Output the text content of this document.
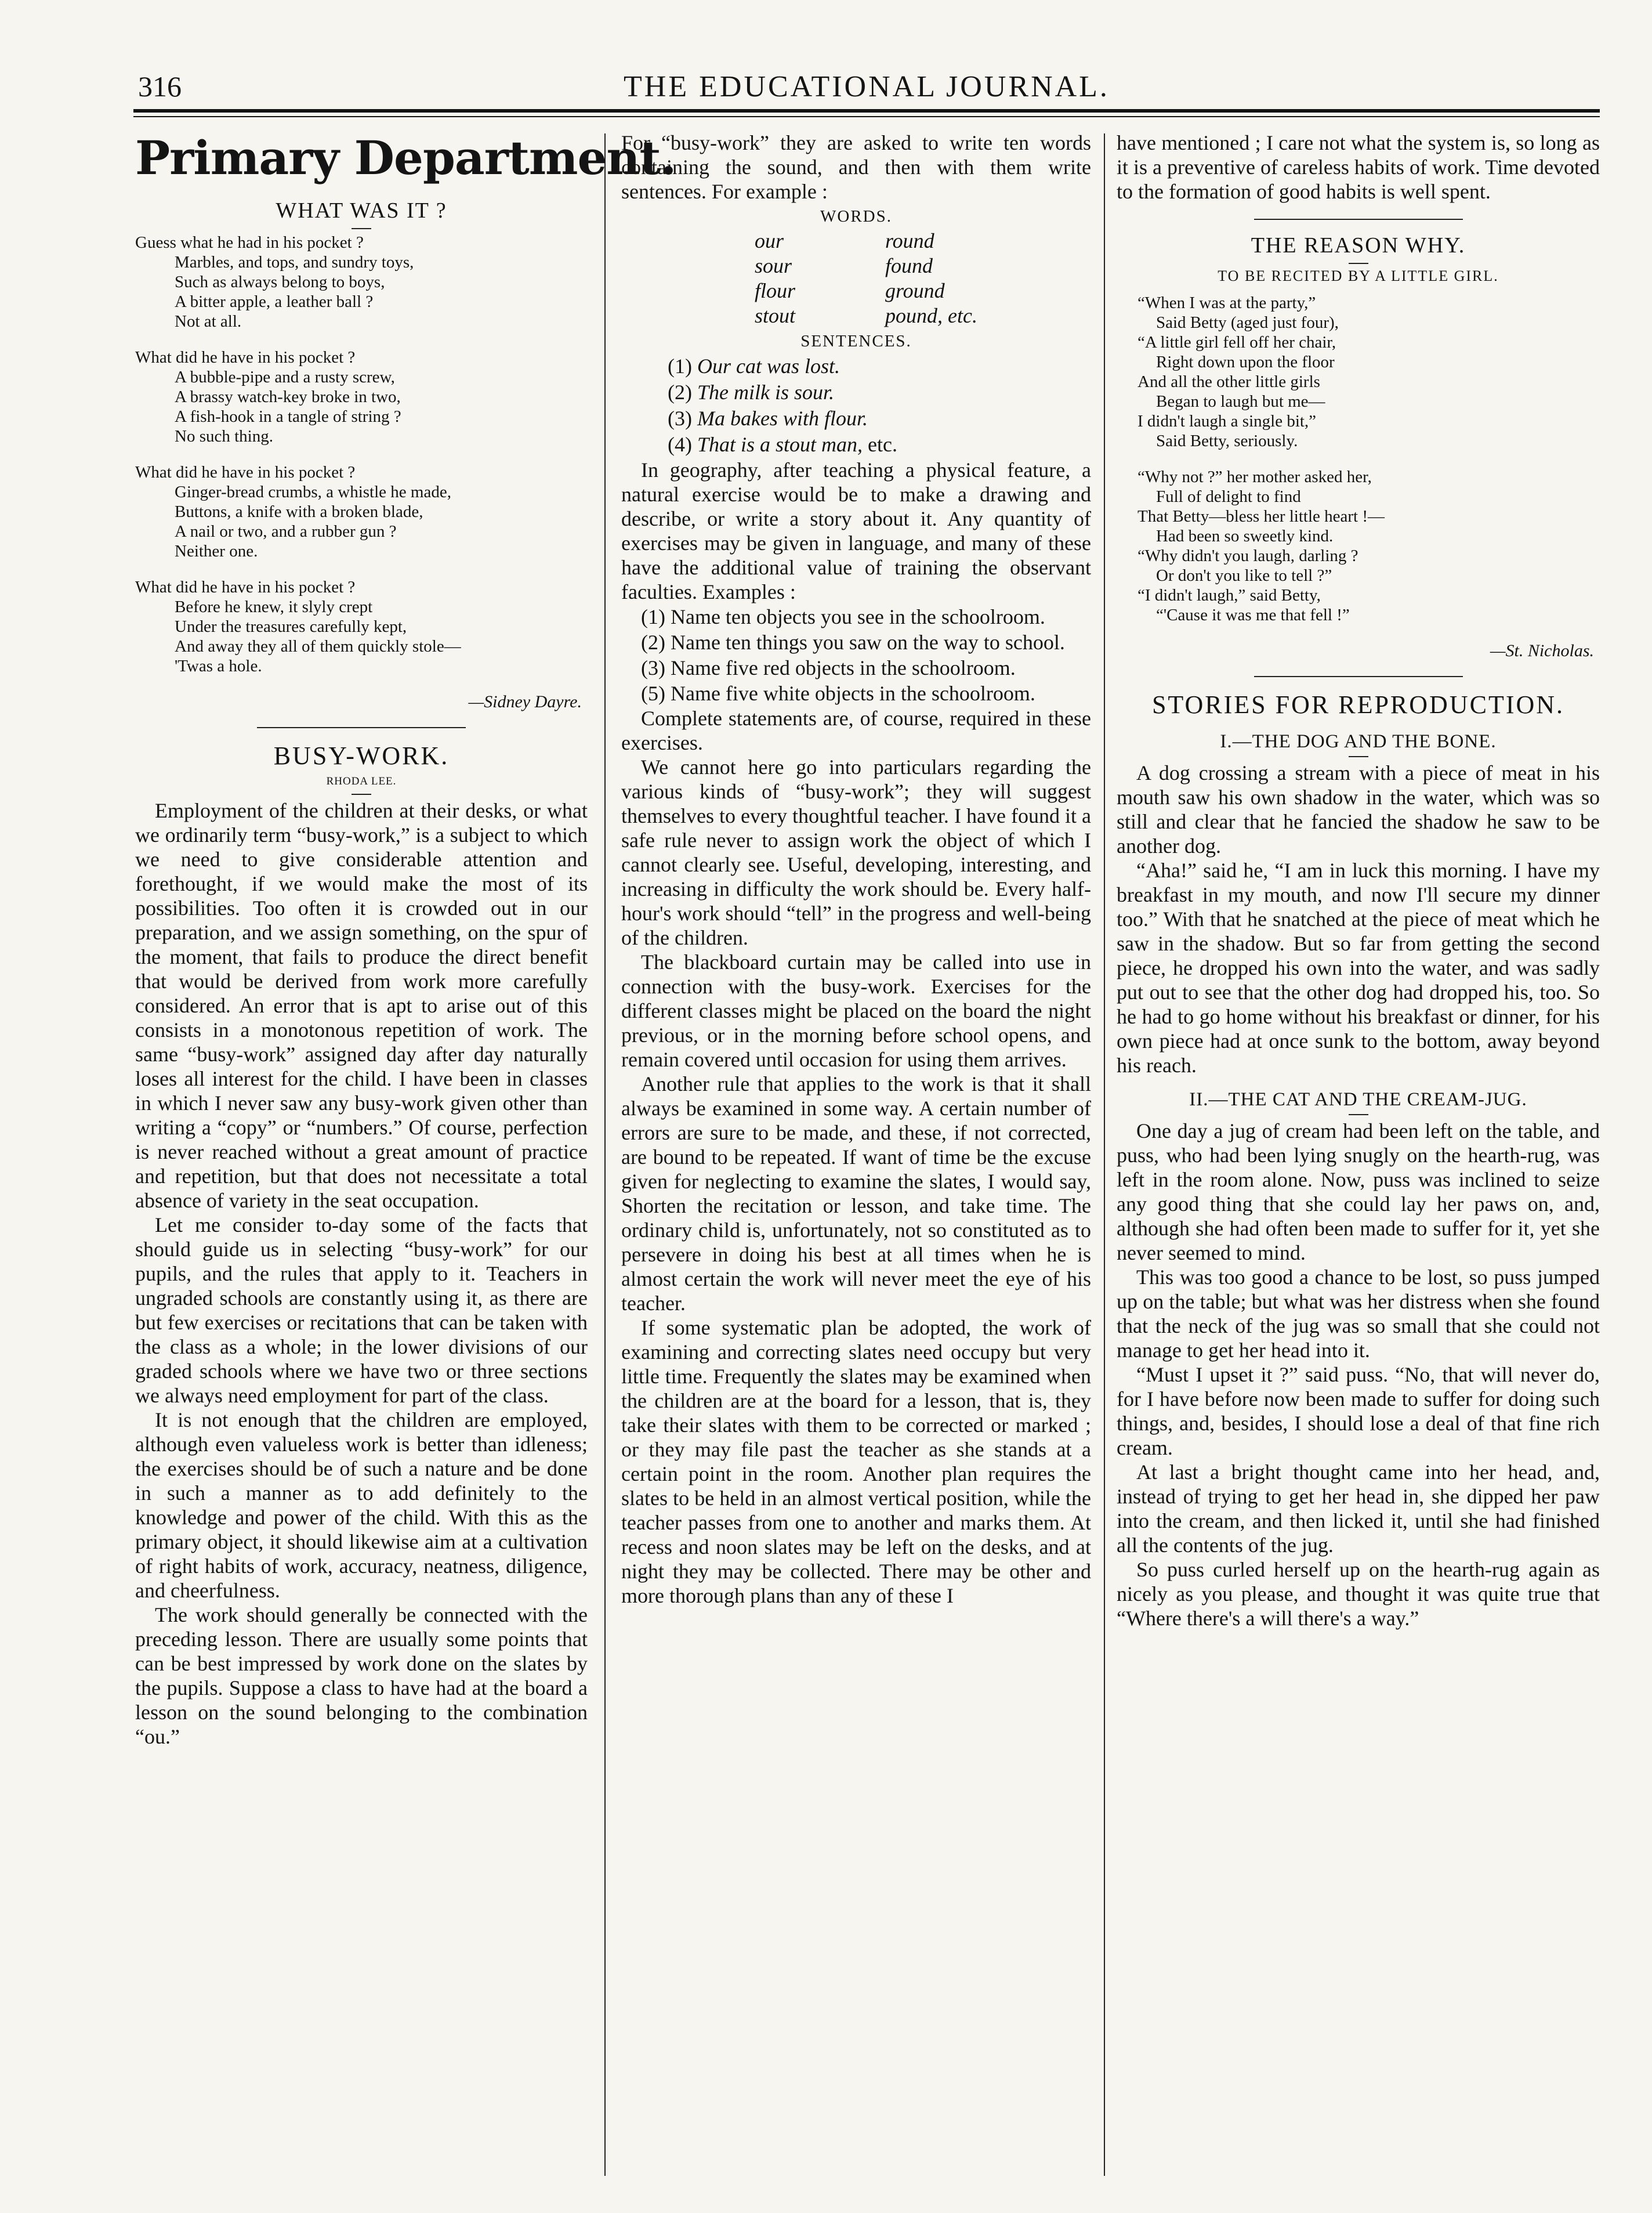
316	THE EDUCATIONAL JOURNAL.
Primary Department.
WHAT WAS IT ?
Guess what he had in his pocket ?
Marbles, and tops, and sundry toys,
Such as always belong to boys,
A bitter apple, a leather ball ?
Not at all.
What did he have in his pocket ?
A bubble-pipe and a rusty screw,
A brassy watch-key broke in two,
A fish-hook in a tangle of string ?
No such thing.
What did he have in his pocket ?
Ginger-bread crumbs, a whistle he made,
Buttons, a knife with a broken blade,
A nail or two, and a rubber gun ?
Neither one.
What did he have in his pocket ?
Before he knew, it slyly crept
Under the treasures carefully kept,
And away they all of them quickly stole—
'Twas a hole.
—Sidney Dayre.
BUSY-WORK.
RHODA LEE.

Employment of the children at their desks, or what we ordinarily term “busy-work,” is a subject to which we need to give considerable attention and forethought, if we would make the most of its possibilities. Too often it is crowded out in our preparation, and we assign something, on the spur of the moment, that fails to produce the direct benefit that would be derived from work more carefully considered. An error that is apt to arise out of this consists in a monotonous repetition of work. The same “busy-work” assigned day after day naturally loses all interest for the child. I have been in classes in which I never saw any busy-work given other than writing a “copy” or “numbers.” Of course, perfection is never reached without a great amount of practice and repetition, but that does not necessitate a total absence of variety in the seat occupation.

Let me consider to-day some of the facts that should guide us in selecting “busy-work” for our pupils, and the rules that apply to it. Teachers in ungraded schools are constantly using it, as there are but few exercises or recitations that can be taken with the class as a whole; in the lower divisions of our graded schools where we have two or three sections we always need employment for part of the class.

It is not enough that the children are employed, although even valueless work is better than idleness; the exercises should be of such a nature and be done in such a manner as to add definitely to the knowledge and power of the child. With this as the primary object, it should likewise aim at a cultivation of right habits of work, accuracy, neatness, diligence, and cheerfulness.

The work should generally be connected with the preceding lesson. There are usually some points that can be best impressed by work done on the slates by the pupils. Suppose a class to have had at the board a lesson on the sound belonging to the combination “ou.”

For “busy-work” they are asked to write ten words containing the sound, and then with them write sentences. For example :

WORDS.
our	round
sour	found
flour	ground
stout	pound, etc.
SENTENCES.
(1) Our cat was lost.
(2) The milk is sour.
(3) Ma bakes with flour.
(4) That is a stout man, etc.

In geography, after teaching a physical feature, a natural exercise would be to make a drawing and describe, or write a story about it. Any quantity of exercises may be given in language, and many of these have the additional value of training the observant faculties. Examples :

(1) Name ten objects you see in the schoolroom.

(2) Name ten things you saw on the way to school.

(3) Name five red objects in the schoolroom.

(5) Name five white objects in the schoolroom.

Complete statements are, of course, required in these exercises.

We cannot here go into particulars regarding the various kinds of “busy-work”; they will suggest themselves to every thoughtful teacher. I have found it a safe rule never to assign work the object of which I cannot clearly see. Useful, developing, interesting, and increasing in difficulty the work should be. Every half-hour's work should “tell” in the progress and well-being of the children.

The blackboard curtain may be called into use in connection with the busy-work. Exercises for the different classes might be placed on the board the night previous, or in the morning before school opens, and remain covered until occasion for using them arrives.

Another rule that applies to the work is that it shall always be examined in some way. A certain number of errors are sure to be made, and these, if not corrected, are bound to be repeated. If want of time be the excuse given for neglecting to examine the slates, I would say, Shorten the recitation or lesson, and take time. The ordinary child is, unfortunately, not so constituted as to persevere in doing his best at all times when he is almost certain the work will never meet the eye of his teacher.

If some systematic plan be adopted, the work of examining and correcting slates need occupy but very little time. Frequently the slates may be examined when the children are at the board for a lesson, that is, they take their slates with them to be corrected or marked ; or they may file past the teacher as she stands at a certain point in the room. Another plan requires the slates to be held in an almost vertical position, while the teacher passes from one to another and marks them. At recess and noon slates may be left on the desks, and at night they may be collected. There may be other and more thorough plans than any of these I

have mentioned ; I care not what the system is, so long as it is a preventive of careless habits of work. Time devoted to the formation of good habits is well spent.

THE REASON WHY.
TO BE RECITED BY A LITTLE GIRL.
“When I was at the party,”
Said Betty (aged just four),
“A little girl fell off her chair,
Right down upon the floor
And all the other little girls
Began to laugh but me—
I didn't laugh a single bit,”
Said Betty, seriously.
“Why not ?” her mother asked her,
Full of delight to find
That Betty—bless her little heart !—
Had been so sweetly kind.
“Why didn't you laugh, darling ?
Or don't you like to tell ?”
“I didn't laugh,” said Betty,
“'Cause it was me that fell !”
—St. Nicholas.
STORIES FOR REPRODUCTION.
I.—THE DOG AND THE BONE.

A dog crossing a stream with a piece of meat in his mouth saw his own shadow in the water, which was so still and clear that he fancied the shadow he saw to be another dog.

“Aha!” said he, “I am in luck this morning. I have my breakfast in my mouth, and now I'll secure my dinner too.” With that he snatched at the piece of meat which he saw in the shadow. But so far from getting the second piece, he dropped his own into the water, and was sadly put out to see that the other dog had dropped his, too. So he had to go home without his breakfast or dinner, for his own piece had at once sunk to the bottom, away beyond his reach.

II.—THE CAT AND THE CREAM-JUG.

One day a jug of cream had been left on the table, and puss, who had been lying snugly on the hearth-rug, was left in the room alone. Now, puss was inclined to seize any good thing that she could lay her paws on, and, although she had often been made to suffer for it, yet she never seemed to mind.

This was too good a chance to be lost, so puss jumped up on the table; but what was her distress when she found that the neck of the jug was so small that she could not manage to get her head into it.

“Must I upset it ?” said puss. “No, that will never do, for I have before now been made to suffer for doing such things, and, besides, I should lose a deal of that fine rich cream.

At last a bright thought came into her head, and, instead of trying to get her head in, she dipped her paw into the cream, and then licked it, until she had finished all the contents of the jug.

So puss curled herself up on the hearth-rug again as nicely as you please, and thought it was quite true that “Where there's a will there's a way.”
